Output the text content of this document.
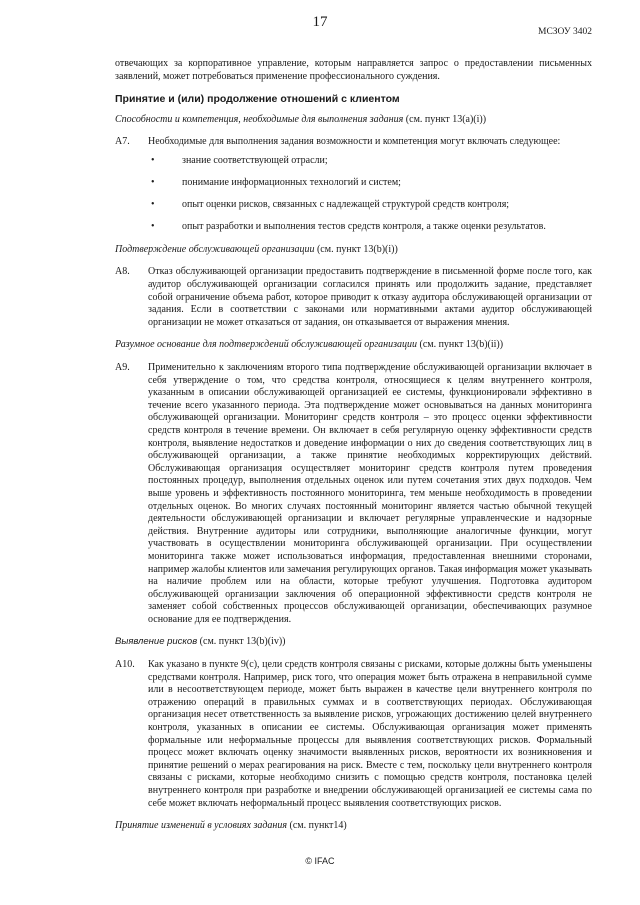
17
МСЗОУ 3402

отвечающих за корпоративное управление, которым направляется запрос о предоставлении письменных заявлений, может потребоваться применение профессионального суждения.

Принятие и (или) продолжение отношений с клиентом

Способности и компетенция, необходимые для выполнения задания (см. пункт 13(a)(i))

A7. Необходимые для выполнения задания возможности и компетенция могут включать следующее:

•	знание соответствующей отрасли;
•	понимание информационных технологий и систем;
•	опыт оценки рисков, связанных с надлежащей структурой средств контроля;
•	опыт разработки и выполнения тестов средств контроля, а также оценки результатов.

Подтверждение обслуживающей организации (см. пункт 13(b)(i))

A8. Отказ обслуживающей организации предоставить подтверждение в письменной форме после того, как аудитор обслуживающей организации согласился принять или продолжить задание, представляет собой ограничение объема работ, которое приводит к отказу аудитора обслуживающей организации от задания. Если в соответствии с законами или нормативными актами аудитор обслуживающей организации не может отказаться от задания, он отказывается от выражения мнения.

Разумное основание для подтверждений обслуживающей организации (см. пункт 13(b)(ii))

A9. Применительно к заключениям второго типа подтверждение обслуживающей организации включает в себя утверждение о том, что средства контроля, относящиеся к целям внутреннего контроля, указанным в описании обслуживающей организацией ее системы, функционировали эффективно в течение всего указанного периода. Эта подтверждение может основываться на данных мониторинга обслуживающей организации. Мониторинг средств контроля – это процесс оценки эффективности средств контроля в течение времени. Он включает в себя регулярную оценку эффективности средств контроля, выявление недостатков и доведение информации о них до сведения соответствующих лиц в обслуживающей организации, а также принятие необходимых корректирующих действий. Обслуживающая организация осуществляет мониторинг средств контроля путем проведения постоянных процедур, выполнения отдельных оценок или путем сочетания этих двух подходов. Чем выше уровень и эффективность постоянного мониторинга, тем меньше необходимость в проведении отдельных оценок. Во многих случаях постоянный мониторинг является частью обычной текущей деятельности обслуживающей организации и включает регулярные управленческие и надзорные действия. Внутренние аудиторы или сотрудники, выполняющие аналогичные функции, могут участвовать в осуществлении мониторинга обслуживающей организации. При осуществлении мониторинга также может использоваться информация, предоставленная внешними сторонами, например жалобы клиентов или замечания регулирующих органов. Такая информация может указывать на наличие проблем или на области, которые требуют улучшения. Подготовка аудитором обслуживающей организации заключения об операционной эффективности средств контроля не заменяет собой собственных процессов обслуживающей организации, обеспечивающих разумное основание для ее подтверждения.

Выявление рисков (см. пункт 13(b)(iv))

A10. Как указано в пункте 9(c), цели средств контроля связаны с рисками, которые должны быть уменьшены средствами контроля. Например, риск того, что операция может быть отражена в неправильной сумме или в несоответствующем периоде, может быть выражен в качестве цели внутреннего контроля по отражению операций в правильных суммах и в соответствующих периодах. Обслуживающая организация несет ответственность за выявление рисков, угрожающих достижению целей внутреннего контроля, указанных в описании ее системы. Обслуживающая организация может применять формальные или неформальные процессы для выявления соответствующих рисков. Формальный процесс может включать оценку значимости выявленных рисков, вероятности их возникновения и принятие решений о мерах реагирования на риск. Вместе с тем, поскольку цели внутреннего контроля связаны с рисками, которые необходимо снизить с помощью средств контроля, постановка целей внутреннего контроля при разработке и внедрении обслуживающей организацией ее системы сама по себе может включать неформальный процесс выявления соответствующих рисков.

Принятие изменений в условиях задания (см. пункт14)

© IFAC
